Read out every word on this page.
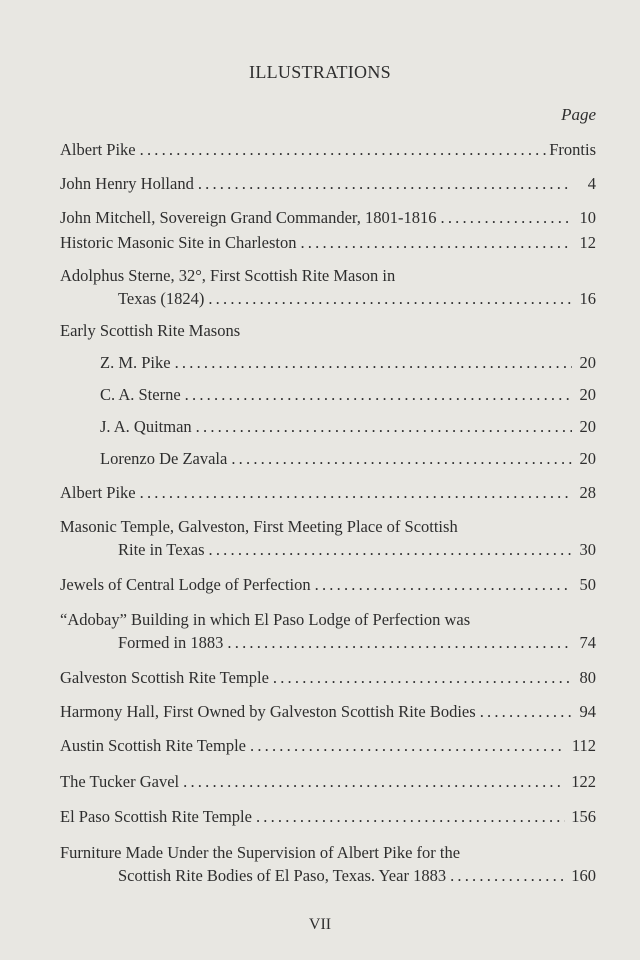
ILLUSTRATIONS
Page
Albert Pike .....	Frontis
John Henry Holland .....	4
John Mitchell, Sovereign Grand Commander, 1801-1816 .....	10
Historic Masonic Site in Charleston .....	12
Adolphus Sterne, 32°, First Scottish Rite Mason in
Texas (1824) .....	16
Early Scottish Rite Masons
Z. M. Pike .....	20
C. A. Sterne .....	20
J. A. Quitman .....	20
Lorenzo De Zavala .....	20
Albert Pike .....	28
Masonic Temple, Galveston, First Meeting Place of Scottish
Rite in Texas .....	30
Jewels of Central Lodge of Perfection .....	50
“Adobay” Building in which El Paso Lodge of Perfection was
Formed in 1883 .....	74
Galveston Scottish Rite Temple .....	80
Harmony Hall, First Owned by Galveston Scottish Rite Bodies .....	94
Austin Scottish Rite Temple .....	112
The Tucker Gavel .....	122
El Paso Scottish Rite Temple .....	156
Furniture Made Under the Supervision of Albert Pike for the
Scottish Rite Bodies of El Paso, Texas. Year 1883 .....	160
VII
